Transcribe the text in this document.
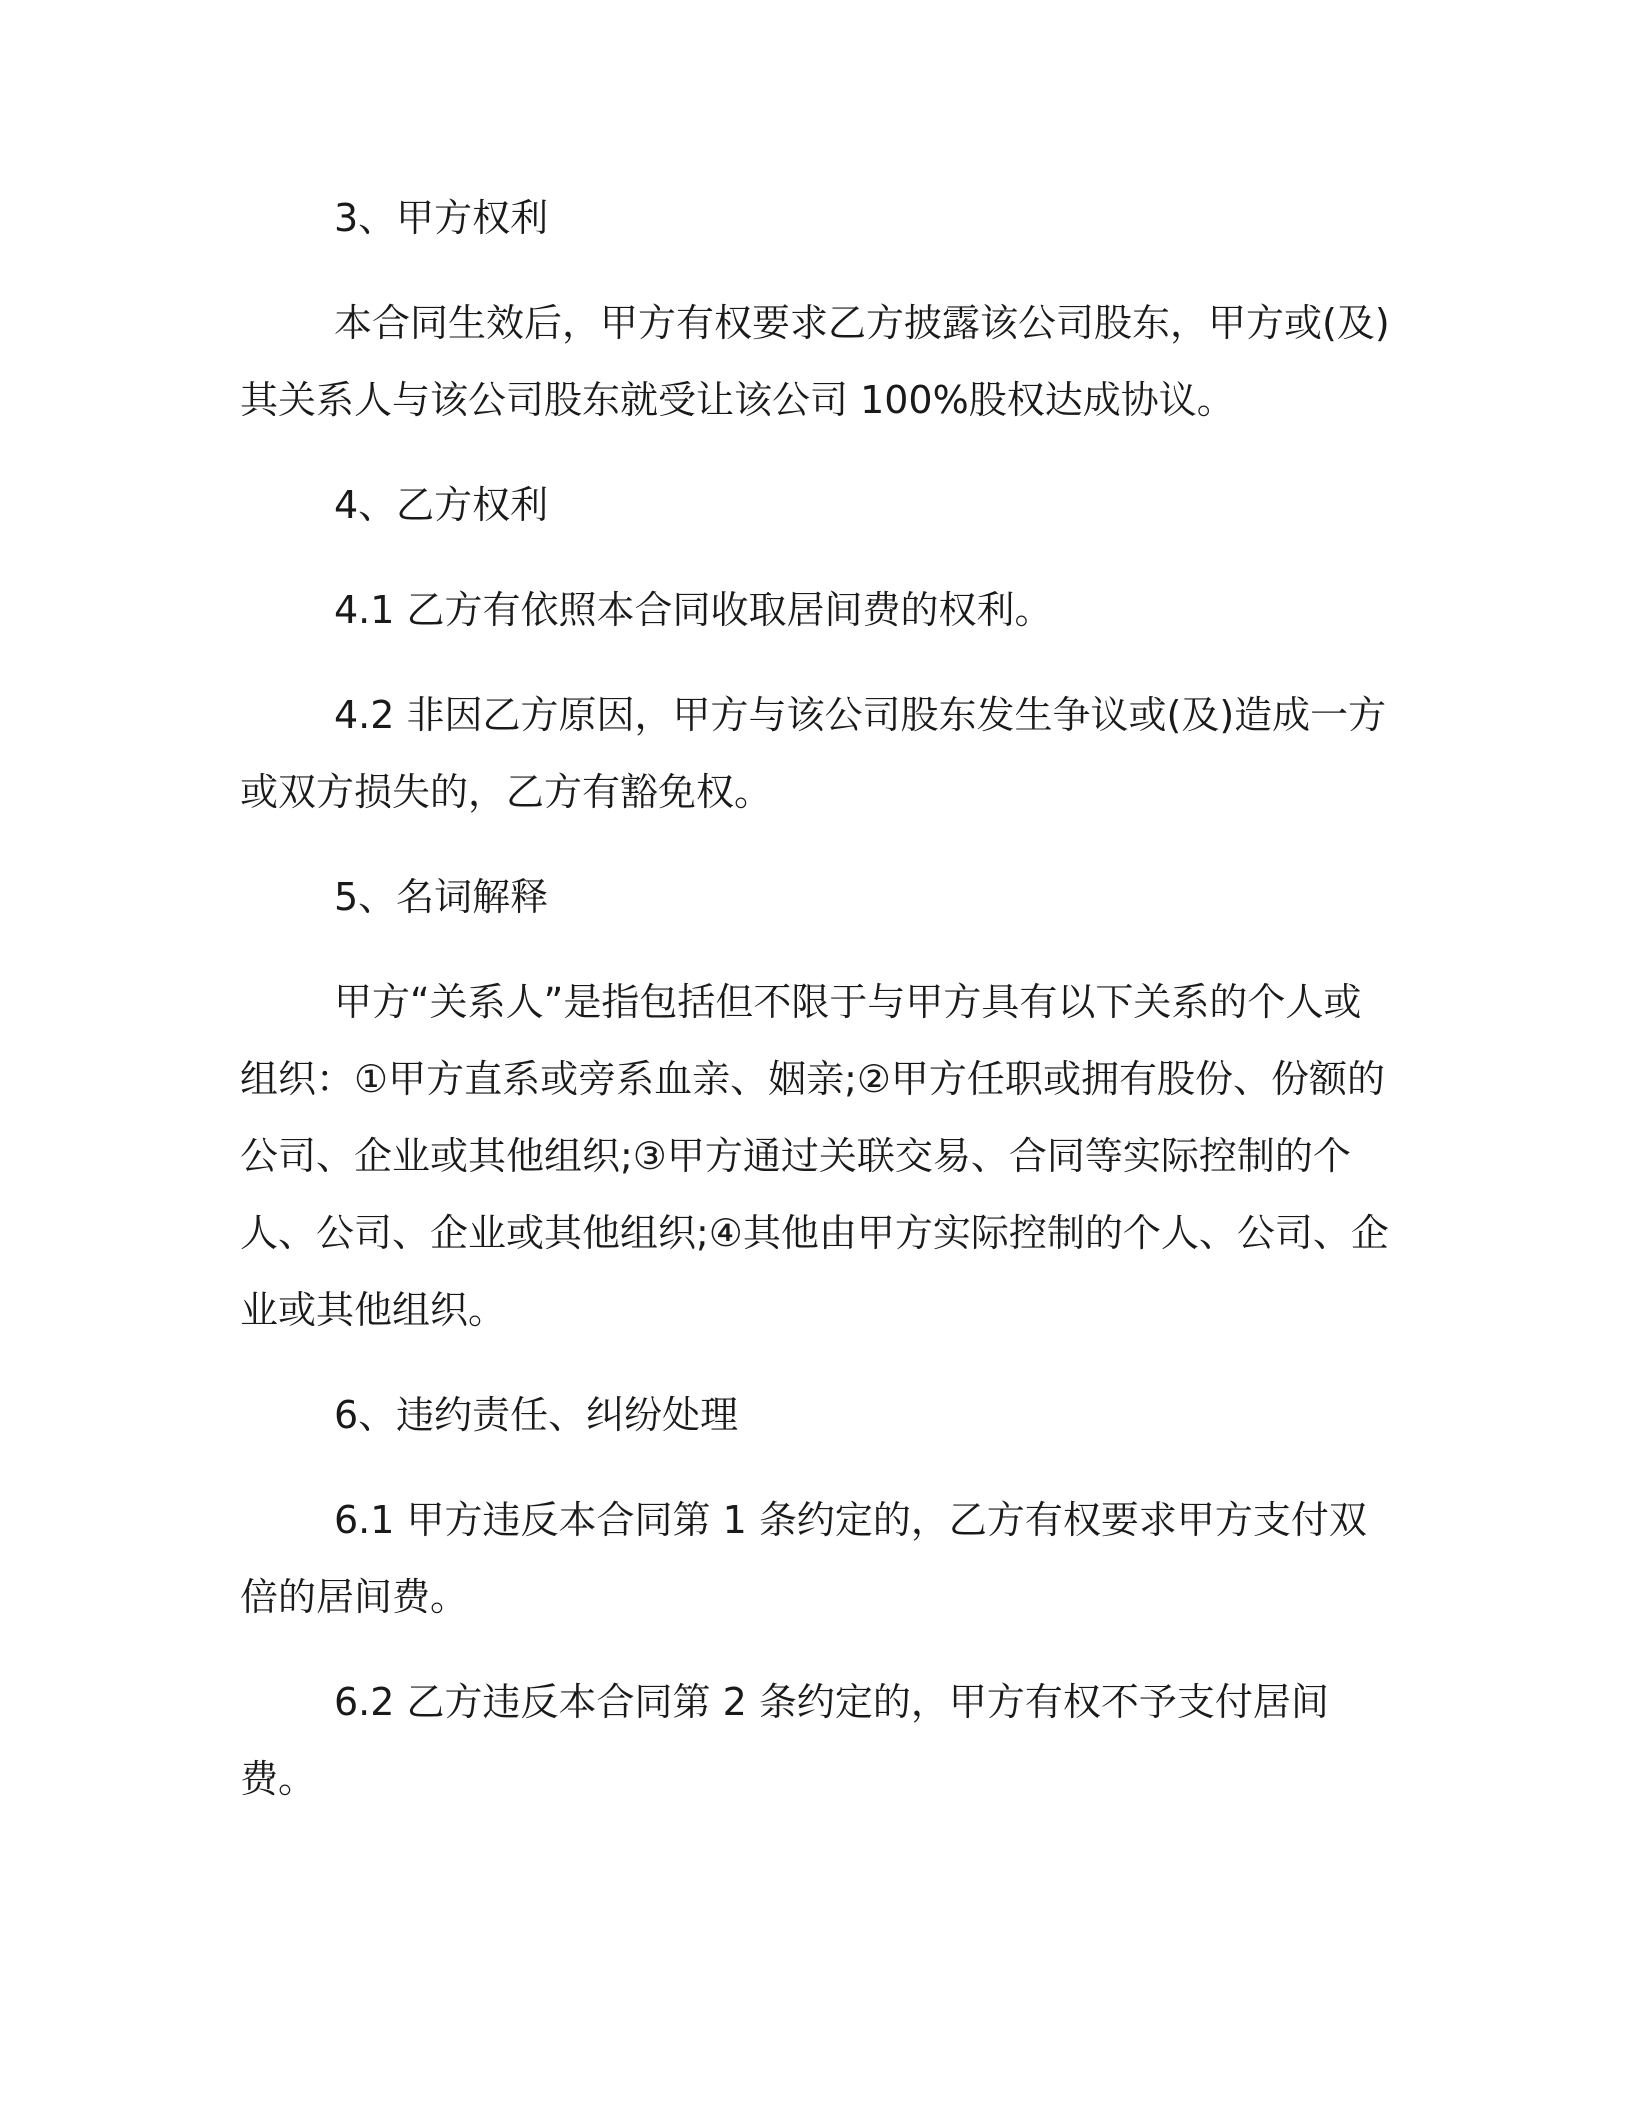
3、甲方权利

本合同生效后，甲方有权要求乙方披露该公司股东，甲方或(及)其关系人与该公司股东就受让该公司 100%股权达成协议。

4、乙方权利

4.1 乙方有依照本合同收取居间费的权利。

4.2 非因乙方原因，甲方与该公司股东发生争议或(及)造成一方或双方损失的，乙方有豁免权。

5、名词解释

甲方“关系人”是指包括但不限于与甲方具有以下关系的个人或组织：①甲方直系或旁系血亲、姻亲;②甲方任职或拥有股份、份额的公司、企业或其他组织;③甲方通过关联交易、合同等实际控制的个人、公司、企业或其他组织;④其他由甲方实际控制的个人、公司、企业或其他组织。

6、违约责任、纠纷处理

6.1 甲方违反本合同第 1 条约定的，乙方有权要求甲方支付双倍的居间费。

6.2 乙方违反本合同第 2 条约定的，甲方有权不予支付居间费。
